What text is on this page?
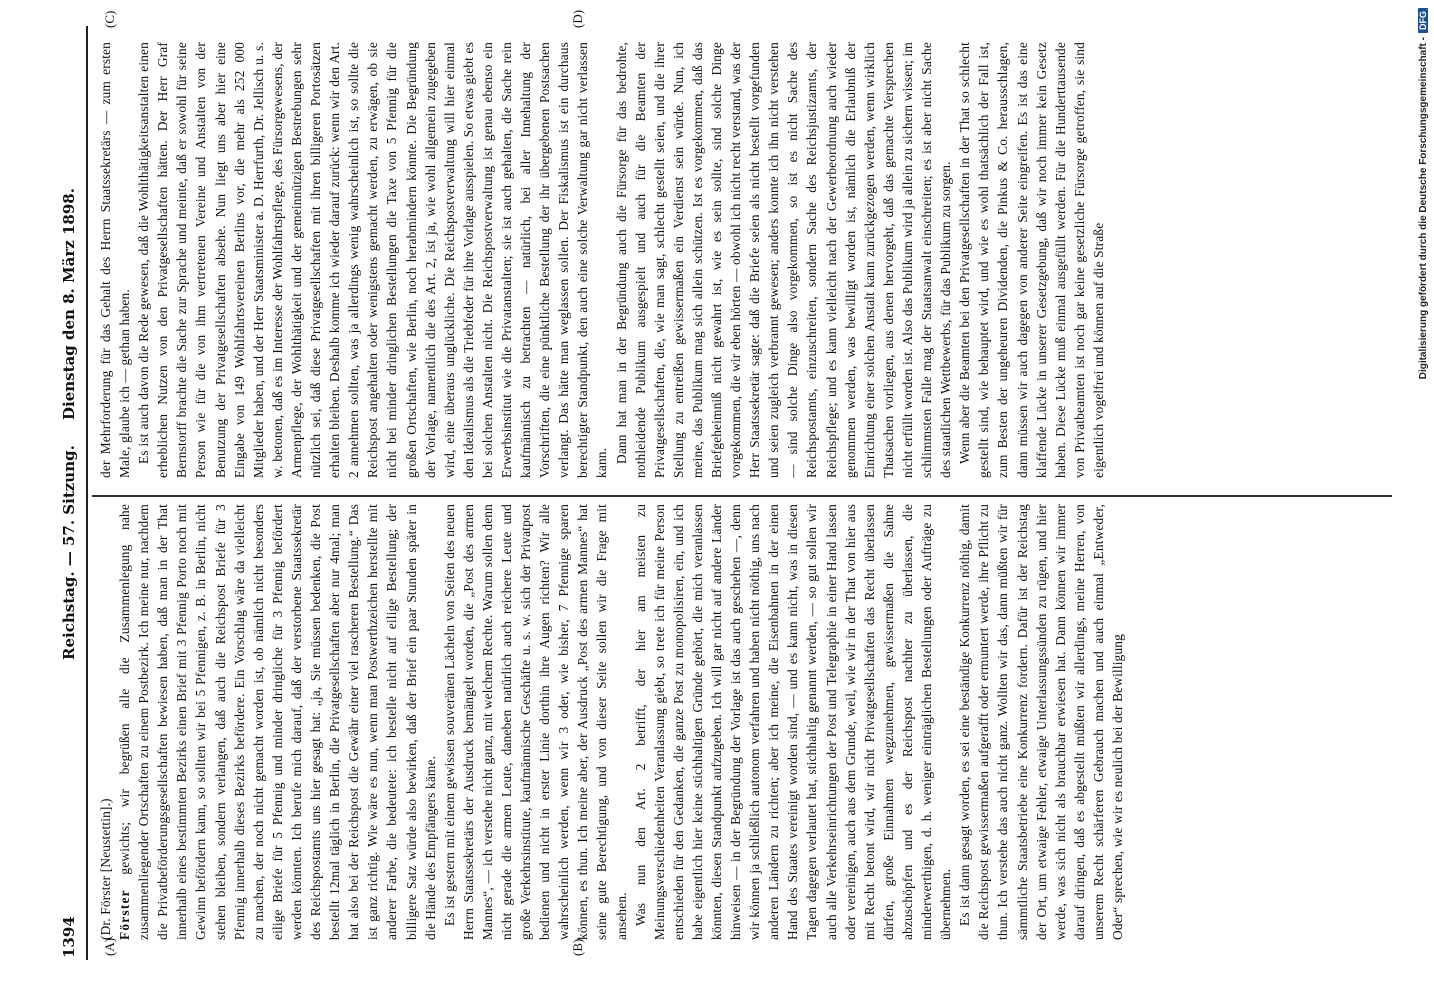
1394
Reichstag. — 57. Sitzung.
Dienstag den 8. März 1898.
(A)	(B)
(C)	(D)

(Dr. Förster [Neustettin].) Förster gewichts; wir begrüßen alle die Zusammenlegung nahe zusammenliegender Ortschaften zu einem Postbezirk. Ich meine nur, nachdem die Privatbeförderungsgesellschaften bewiesen haben, daß man in der That innerhalb eines bestimmten Bezirks einen Brief mit 3 Pfennig Porto noch mit Gewinn befördern kann, so sollten wir bei 5 Pfennigen, z. B. in Berlin, nicht stehen bleiben, sondern verlangen, daß auch die Reichspost Briefe für 3 Pfennig innerhalb dieses Bezirks befördere. Ein Vorschlag wäre da vielleicht zu machen, der noch nicht gemacht worden ist, ob nämlich nicht besonders eilige Briefe für 5 Pfennig und minder dringliche für 3 Pfennig befördert werden könnten. Ich berufe mich darauf, daß der verstorbene Staatssekretär des Reichspostamts uns hier gesagt hat: „ja, Sie müssen bedenken, die Post bestellt 12mal täglich in Berlin, die Privatgesellschaften aber nur 4mal; man hat also bei der Reichspost die Gewähr einer viel rascheren Bestellung.“ Das ist ganz richtig. Wie wäre es nun, wenn man Postwerthzeichen herstellte mit anderer Farbe, die bedeutete: ich bestelle nicht auf eilige Bestellung; der billigere Satz würde also bewirken, daß der Brief ein paar Stunden später in die Hände des Empfängers käme. Es ist gestern mit einem gewissen souveränen Lächeln von Seiten des neuen Herrn Staatssekretärs der Ausdruck bemängelt worden, die „Post des armen Mannes“, — ich verstehe nicht ganz, mit welchem Rechte. Warum sollen denn nicht gerade die armen Leute, daneben natürlich auch reichere Leute und große Verkehrsinstitute, kaufmännische Geschäfte u. s. w. sich der Privatpost bedienen und nicht in erster Linie dorthin ihre Augen richten? Wir alle wahrscheinlich werden, wenn wir 3 oder, wie bisher, 7 Pfennige sparen können, es thun. Ich meine aber, der Ausdruck „Post des armen Mannes“ hat seine gute Berechtigung, und von dieser Seite sollen wir die Frage mit ansehen. Was nun den Art. 2 betrifft, der hier am meisten zu Meinungsverschiedenheiten Veranlassung giebt, so trete ich für meine Person entschieden für den Gedanken, die ganze Post zu monopolisiren, ein, und ich habe eigentlich hier keine stichhaltigen Gründe gehört, die mich veranlassen könnten, diesen Standpunkt aufzugeben. Ich will gar nicht auf andere Länder hinweisen — in der Begründung der Vorlage ist das auch geschehen —, denn wir können ja schließlich autonom verfahren und haben nicht nöthig, uns nach anderen Ländern zu richten; aber ich meine, die Eisenbahnen in der einen Hand des Staates vereinigt worden sind, — und es kann nicht, was in diesen Tagen dagegen verlautet hat, stichhaltig genannt werden, — so gut sollen wir auch alle Verkehrseinrichtungen der Post und Telegraphie in einer Hand lassen oder vereinigen, auch aus dem Grunde, weil, wie wir in der That von hier aus mit Recht betont wird, wir nicht Privatgesellschaften das Recht überlassen dürfen, große Einnahmen wegzunehmen, gewissermaßen die Sahne abzuschöpfen und es der Reichspost nachher zu überlassen, die minderwerthigen, d. h. weniger einträglichen Bestellungen oder Aufträge zu übernehmen. Es ist dann gesagt worden, es sei eine beständige Konkurrenz nöthig, damit die Reichspost gewissermaßen aufgerafft oder ermuntert werde, ihre Pflicht zu thun. Ich verstehe das auch nicht ganz. Wollten wir das, dann müßten wir für sämmtliche Staatsbetriebe eine Konkurrenz fordern. Dafür ist der Reichstag der Ort, um etwaige Fehler, etwaige Unterlassungssünden zu rügen, und hier werde, was sich nicht als brauchbar erwiesen hat. Dann können wir immer darauf dringen, daß es abgestellt müßten wir allerdings, meine Herren, von unserem Recht schärferen Gebrauch machen und auch einmal „Entweder, Oder“ sprechen, wie wir es neulich bei der Bewilligung

der Mehrforderung für das Gehalt des Herrn Staatssekretärs — zum ersten Male, glaube ich — gethan haben. Es ist auch davon die Rede gewesen, daß die Wohlthätigkeitsanstalten einen erheblichen Nutzen von den Privatgesellschaften hätten. Der Herr Graf Bernstorff brachte die Sache zur Sprache und meinte, daß er sowohl für seine Person wie für die von ihm vertretenen Vereine und Anstalten von der Benutzung der Privatgesellschaften absehe. Nun liegt uns aber hier eine Eingabe von 149 Wohlfahrtsvereinen Berlins vor, die mehr als 252 000 Mitglieder haben, und der Herr Staatsminister a. D. Herrfurth, Dr. Jellisch u. s. w. betonen, daß es im Interesse der Wohlfahrtspflege, des Fürsorgewesens, der Armenpflege, der Wohlthätigkeit und der gemeinnützigen Bestrebungen sehr nützlich sei, daß diese Privatgesellschaften mit ihren billigeren Portosätzen erhalten bleiben. Deshalb komme ich wieder darauf zurück: wenn wir den Art. 2 annehmen sollten, was ja allerdings wenig wahrscheinlich ist, so sollte die Reichspost angehalten oder wenigstens gemacht werden, zu erwägen, ob sie nicht bei minder dringlichen Bestellungen die Taxe von 5 Pfennig für die großen Ortschaften, wie Berlin, noch herabmindern könnte. Die Begründung der Vorlage, namentlich die des Art. 2, ist ja, wie wohl allgemein zugegeben wird, eine überaus unglückliche. Die Reichspostverwaltung will hier einmal den Idealismus als die Triebfeder für ihre Vorlage ausspielen. So etwas giebt es bei solchen Anstalten nicht. Die Reichspostverwaltung ist genau ebenso ein Erwerbsinstitut wie die Privatanstalten; sie ist auch gehalten, die Sache rein kaufmännisch zu betrachten — natürlich, bei aller Innehaltung der Vorschriften, die eine pünktliche Bestellung der ihr übergebenen Postsachen verlangt. Das hätte man weglassen sollen. Der Fiskalismus ist ein durchaus berechtigter Standpunkt, den auch eine solche Verwaltung gar nicht verlassen kann. Dann hat man in der Begründung auch die Fürsorge für das bedrohte, nothleidende Publikum ausgespielt und auch für die Beamten der Privatgesellschaften, die, wie man sagt, schlecht gestellt seien, und die ihrer Stellung zu entreißen gewissermaßen ein Verdienst sein würde. Nun, ich meine, das Publikum mag sich allein schützen. Ist es vorgekommen, daß das Briefgeheimniß nicht gewahrt ist, wie es sein sollte, sind solche Dinge vorgekommen, die wir eben hörten — obwohl ich nicht recht verstand, was der Herr Staatssekretär sagte: daß die Briefe seien als nicht bestellt vorgefunden und seien zugleich verbrannt gewesen; anders konnte ich ihn nicht verstehen — sind solche Dinge also vorgekommen, so ist es nicht Sache des Reichspostamts, einzuschreiten, sondern Sache des Reichsjustizamts, der Reichspflege; und es kann vielleicht nach der Gewerbeordnung auch wieder genommen werden, was bewilligt worden ist, nämlich die Erlaubniß der Einrichtung einer solchen Anstalt kann zurückgezogen werden, wenn wirklich Thatsachen vorliegen, aus denen hervorgeht, daß das gemachte Versprechen nicht erfüllt worden ist. Also das Publikum wird ja allein zu sichern wissen; im schlimmsten Falle mag der Staatsanwalt einschreiten; es ist aber nicht Sache des staatlichen Wettbewerbs, für das Publikum zu sorgen. Wenn aber die Beamten bei den Privatgesellschaften in der That so schlecht gestellt sind, wie behauptet wird, und wie es wohl thatsächlich der Fall ist, zum Besten der ungeheuren Dividenden, die Pinkus & Co. herausschlagen, dann müssen wir auch dagegen von anderer Seite eingreifen. Es ist das eine klaffende Lücke in unserer Gesetzgebung, daß wir noch immer kein Gesetz haben. Diese Lücke muß einmal ausgefüllt werden. Für die Hunderttausende von Privatbeamten ist noch gar keine gesetzliche Fürsorge getroffen, sie sind eigentlich vogelfrei und können auf die Straße	Digitalisierung gefördert durch die Deutsche Forschungsgemeinschaft -DFG
